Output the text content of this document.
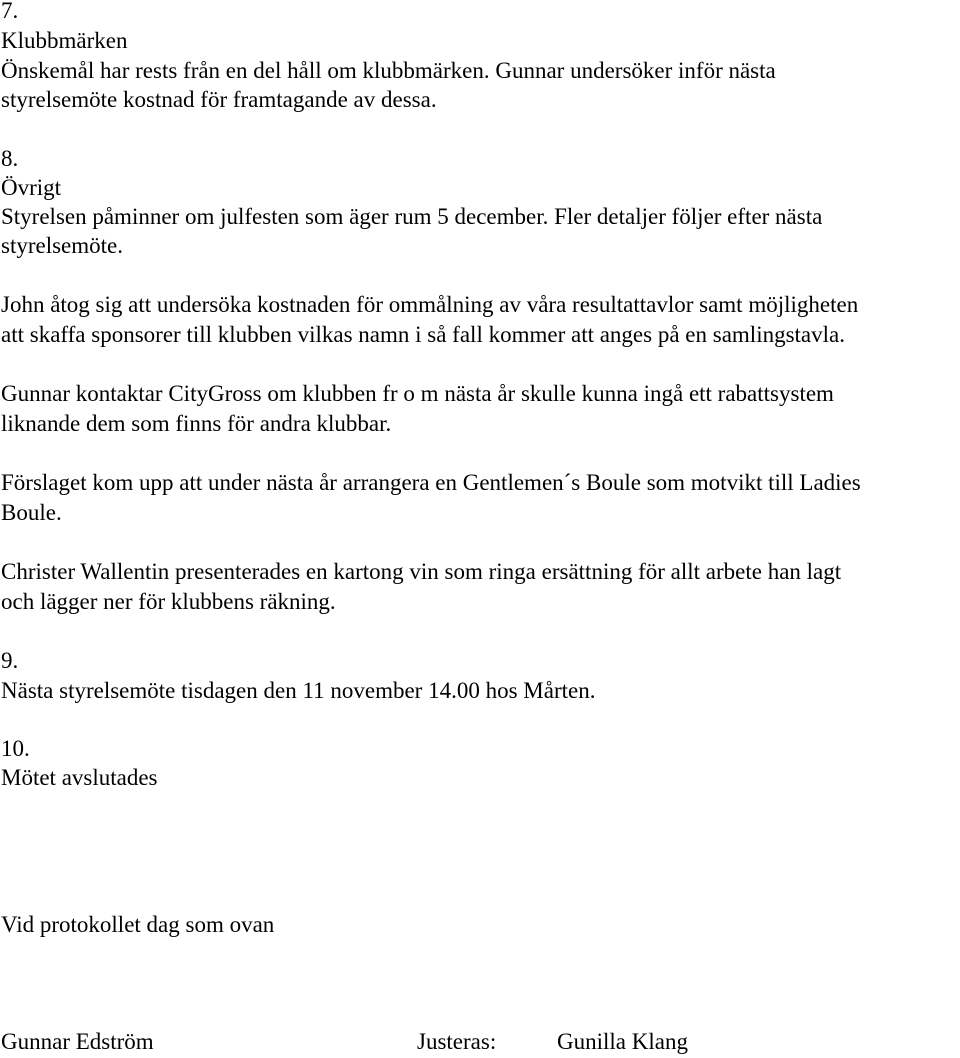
7.
Klubbmärken
Önskemål har rests från en del håll om klubbmärken. Gunnar undersöker inför nästa
styrelsemöte kostnad för framtagande av dessa.
8.
Övrigt
Styrelsen påminner om julfesten som äger rum 5 december. Fler detaljer följer efter nästa
styrelsemöte.
John åtog sig att undersöka kostnaden för ommålning av våra resultattavlor samt möjligheten
att skaffa sponsorer till klubben vilkas namn i så fall kommer att anges på en samlingstavla.
Gunnar kontaktar CityGross om klubben fr o m nästa år skulle kunna ingå ett rabattsystem
liknande dem som finns för andra klubbar.
Förslaget kom upp att under nästa år arrangera en Gentlemen´s Boule som motvikt till Ladies
Boule.
Christer Wallentin presenterades en kartong vin som ringa ersättning för allt arbete han lagt
och lägger ner för klubbens räkning.
9.
Nästa styrelsemöte tisdagen den 11 november 14.00 hos Mårten.
10.
Mötet avslutades
Vid protokollet dag som ovan
Gunnar Edström	Justeras:	Gunilla Klang
